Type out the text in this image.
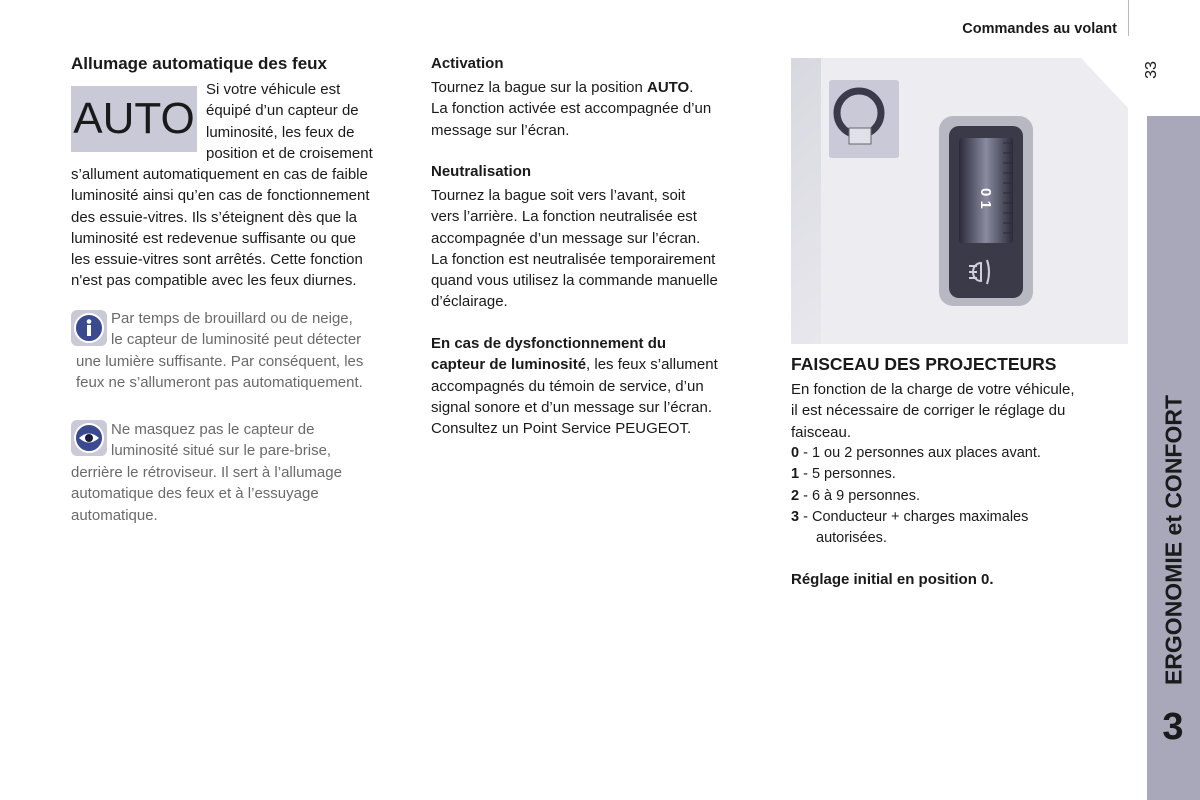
Commandes au volant
33
ERGONOMIE et CONFORT
3
Allumage automatique des feux
AUTO
Si votre véhicule est
équipé d’un capteur de
luminosité, les feux de
position et de croisement
s’allument automatiquement en cas de faible
luminosité ainsi qu’en cas de fonctionnement
des essuie-vitres. Ils s’éteignent dès que la
luminosité est redevenue suffisante ou que
les essuie-vitres sont arrêtés. Cette fonction
n'est pas compatible avec les feux diurnes.
Par temps de brouillard ou de neige,
le capteur de luminosité peut détecter
une lumière suffisante. Par conséquent, les
feux ne s’allumeront pas automatiquement.
Ne masquez pas le capteur de
luminosité situé sur le pare-brise,
derrière le rétroviseur. Il sert à l’allumage
automatique des feux et à l’essuyage
automatique.
Activation
Tournez la bague sur la position AUTO.
La fonction activée est accompagnée d’un
message sur l’écran.
Neutralisation
Tournez la bague soit vers l’avant, soit
vers l’arrière. La fonction neutralisée est
accompagnée d’un message sur l’écran.
La fonction est neutralisée temporairement
quand vous utilisez la commande manuelle
d’éclairage.
En cas de dysfonctionnement du
capteur de luminosité, les feux s’allument
accompagnés du témoin de service, d’un
signal sonore et d’un message sur l’écran.
Consultez un Point Service PEUGEOT.
0 1
FAISCEAU DES PROJECTEURS
En fonction de la charge de votre véhicule,
il est nécessaire de corriger le réglage du
faisceau.
0 - 1 ou 2 personnes aux places avant.
1 - 5 personnes.
2 - 6 à 9 personnes.
3 - Conducteur + charges maximales
autorisées.
Réglage initial en position 0.
